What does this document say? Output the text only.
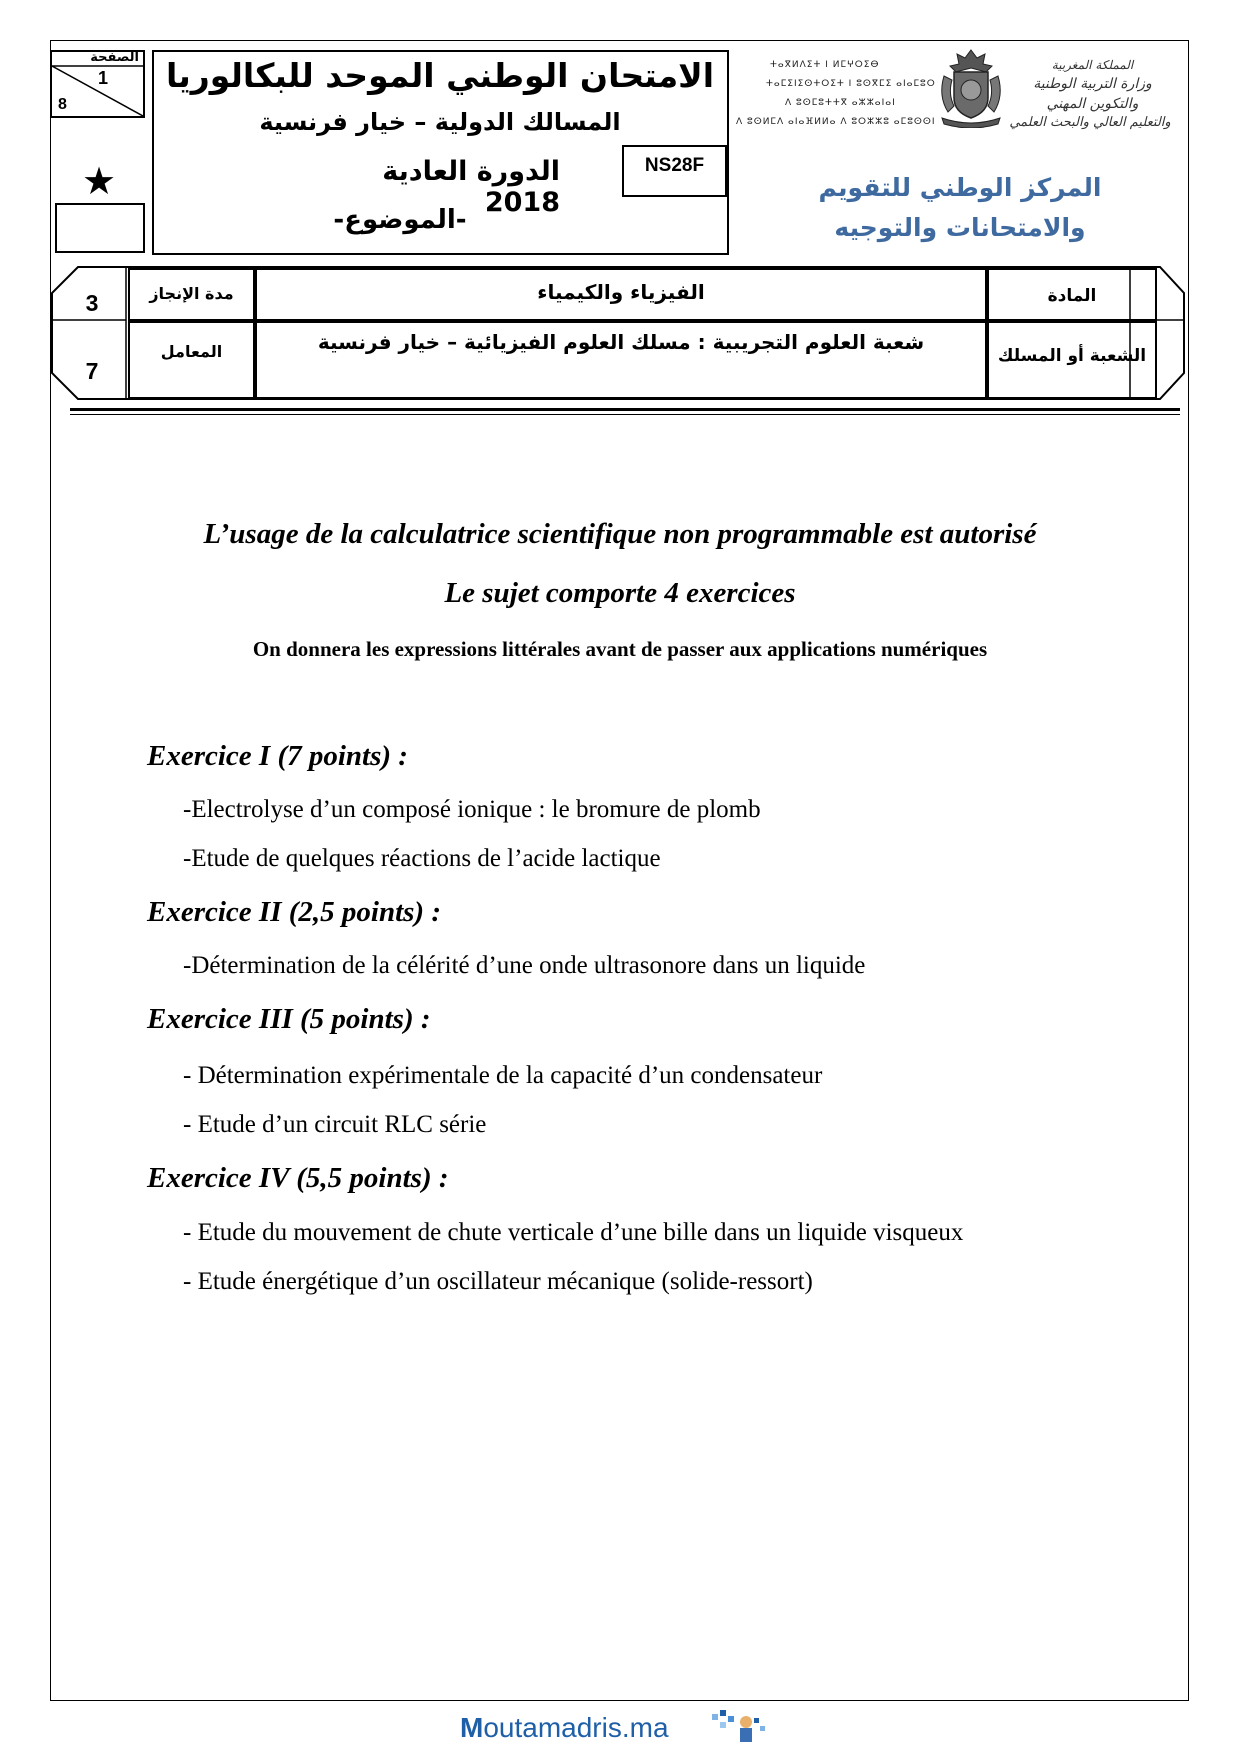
الصفحة
1
8
★
الامتحان الوطني الموحد للبكالوريا
المسالك الدولية – خيار فرنسية
الدورة العادية 2018
-الموضوع-
NS28F
ⵜⴰⴳⵍⴷⵉⵜ ⵏ ⵍⵎⵖⵔⵉⴱ
ⵜⴰⵎⵉⵏⵉⵙⵜⵔⵉⵜ ⵏ ⵓⵙⴳⵎⵉ ⴰⵏⴰⵎⵓⵔ
ⴷ ⵓⵙⵎⵓⵜⵜⴳ ⴰⵣⵣⴰⵏⴰⵏ
ⴷ ⵓⵙⵍⵎⴷ ⴰⵏⴰⴼⵍⵍⴰ ⴷ ⵓⵔⵣⵣⵓ ⴰⵎⵓⵙⵙⵏ
المملكة المغربية
وزارة التربية الوطنية
والتكوين المهني
والتعليم العالي والبحث العلمي
المركز الوطني للتقويم والامتحانات والتوجيه
3
7
مدة الإنجاز
المعامل
الفيزياء والكيمياء
شعبة العلوم التجريبية : مسلك العلوم الفيزيائية – خيار فرنسية
المادة
الشعبة أو المسلك
L’usage de la calculatrice scientifique non programmable est autorisé
Le sujet comporte 4 exercices
On donnera les expressions littérales avant de passer aux applications numériques
Exercice I (7 points) :
-Electrolyse d’un composé ionique : le bromure de plomb
-Etude de quelques réactions de l’acide lactique
Exercice II (2,5 points) :
-Détermination de la célérité d’une onde ultrasonore dans un liquide
Exercice III (5 points) :
- Détermination expérimentale de la capacité d’un condensateur
- Etude d’un circuit RLC série
Exercice IV (5,5 points) :
- Etude du mouvement de chute verticale d’une bille dans un liquide visqueux
- Etude énergétique d’un oscillateur mécanique (solide-ressort)
Moutamadris.ma
